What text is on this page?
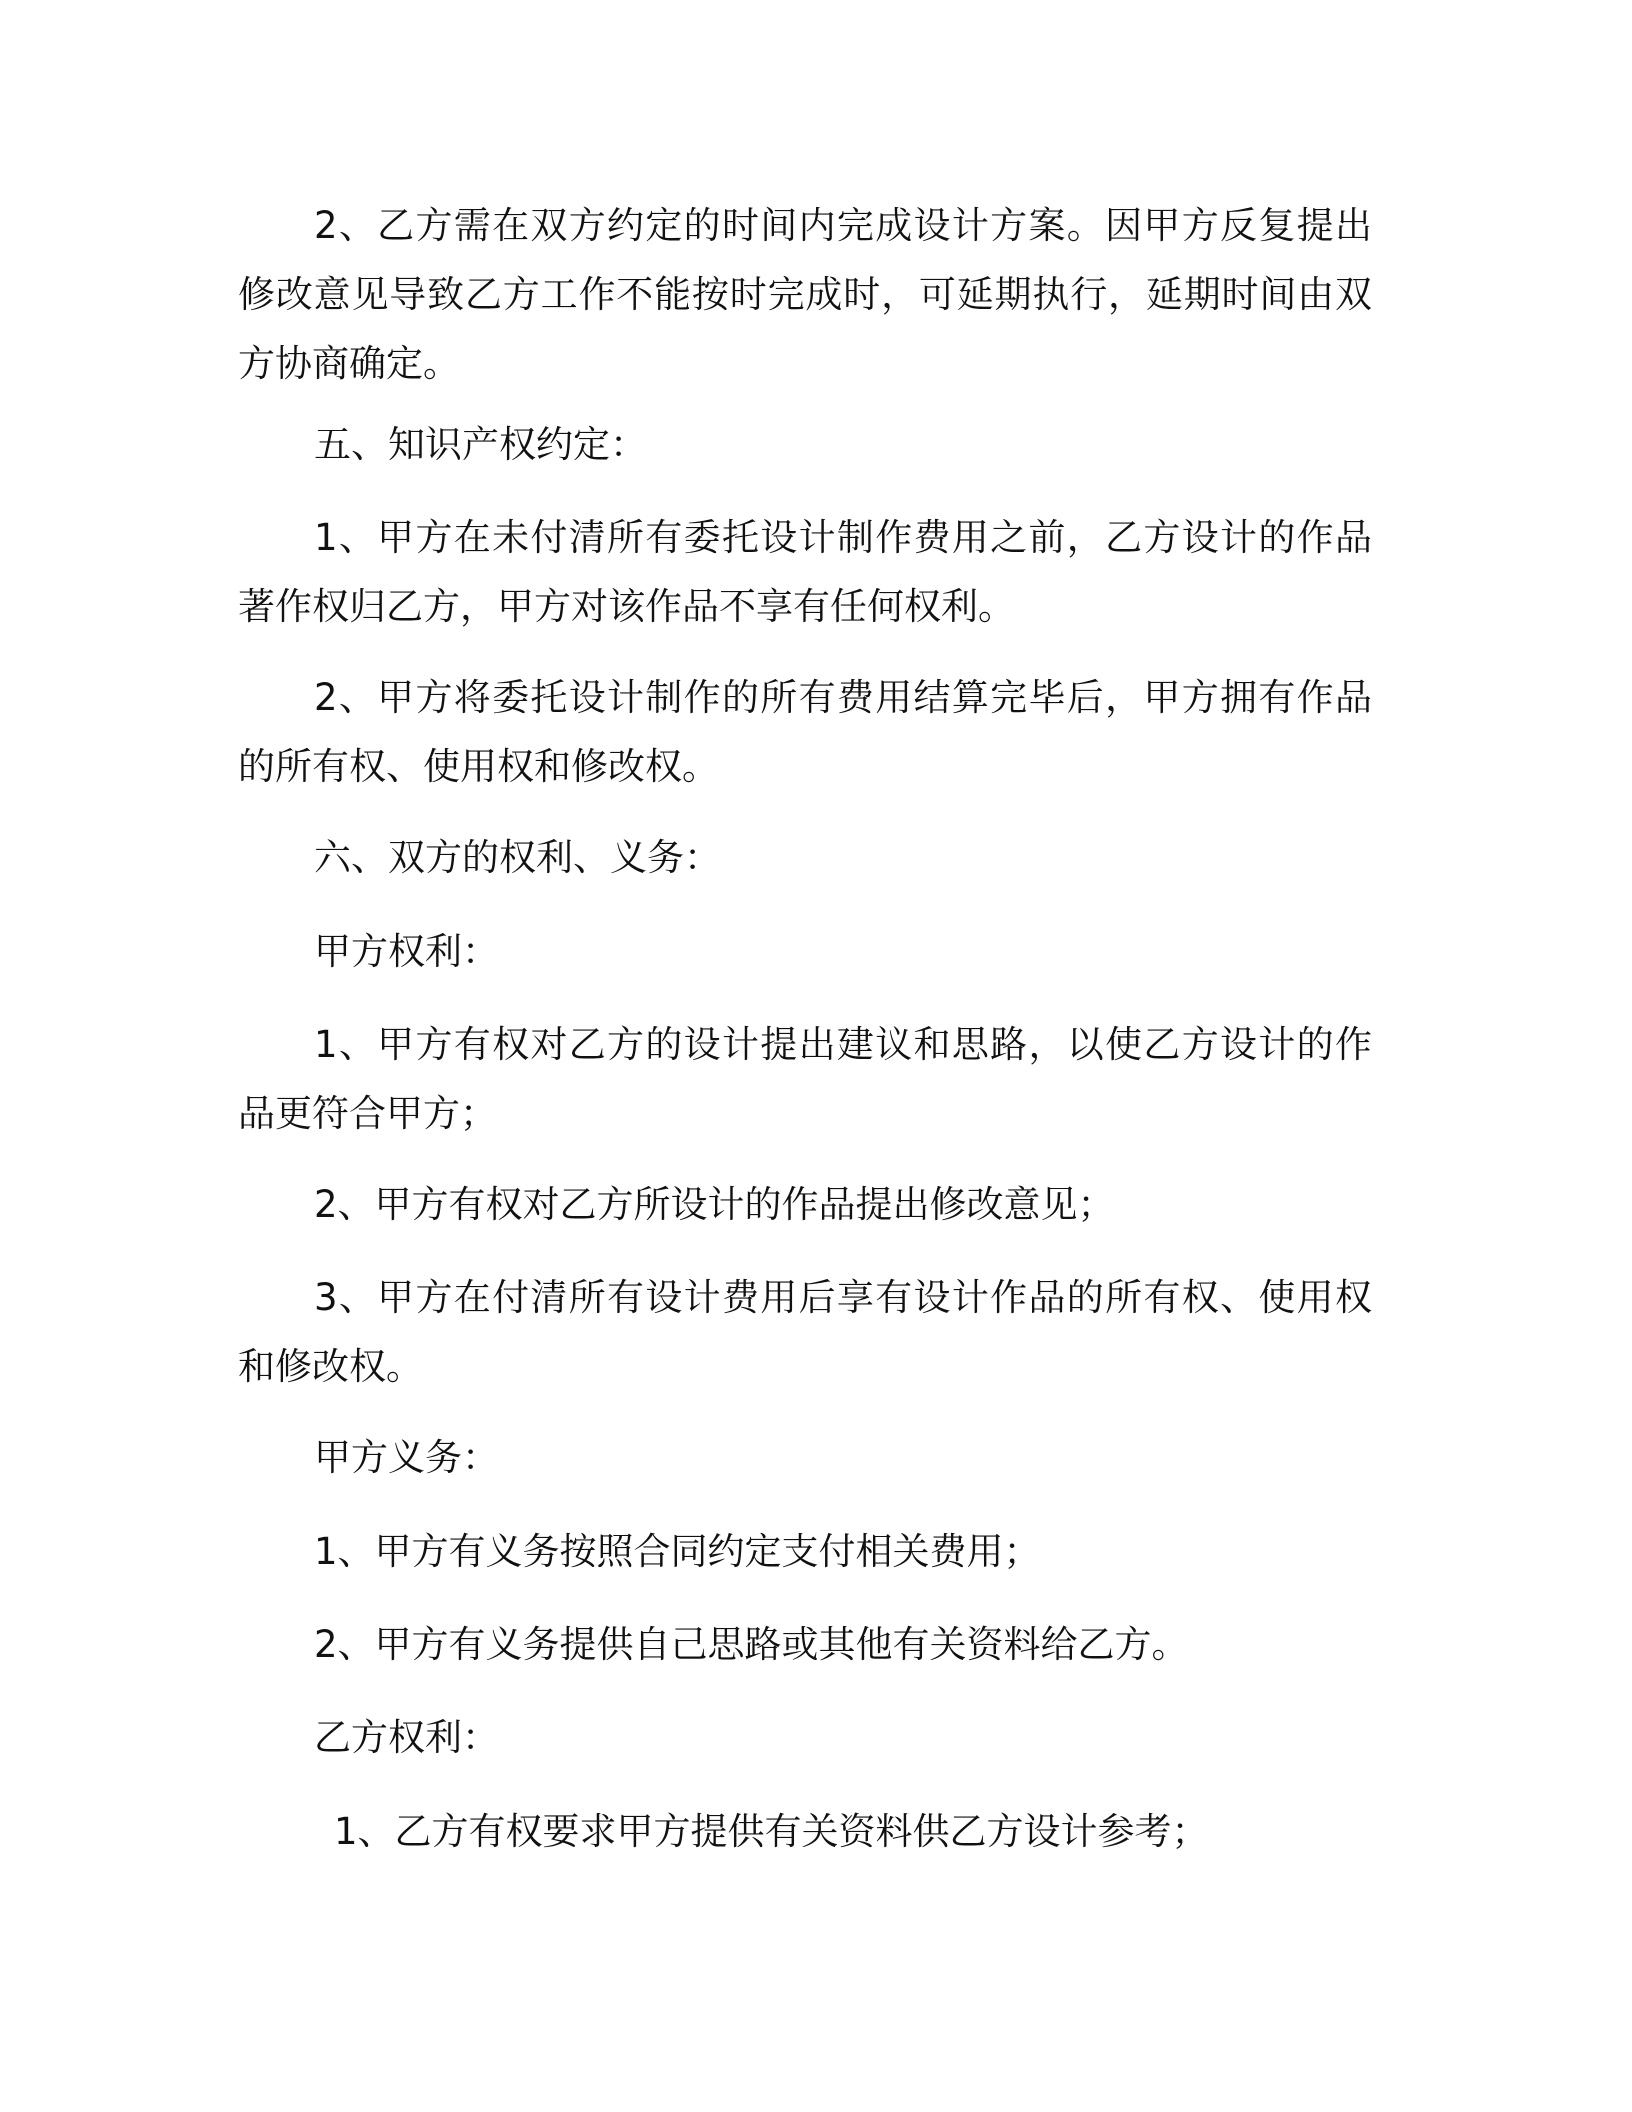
2、乙方需在双方约定的时间内完成设计方案。因甲方反复提出修改意见导致乙方工作不能按时完成时，可延期执行，延期时间由双方协商确定。

五、知识产权约定：

1、甲方在未付清所有委托设计制作费用之前，乙方设计的作品著作权归乙方，甲方对该作品不享有任何权利。

2、甲方将委托设计制作的所有费用结算完毕后，甲方拥有作品的所有权、使用权和修改权。

六、双方的权利、义务：

甲方权利：

1、甲方有权对乙方的设计提出建议和思路，以使乙方设计的作品更符合甲方；

2、甲方有权对乙方所设计的作品提出修改意见；

3、甲方在付清所有设计费用后享有设计作品的所有权、使用权和修改权。

甲方义务：

1、甲方有义务按照合同约定支付相关费用；

2、甲方有义务提供自己思路或其他有关资料给乙方。

乙方权利：

1、乙方有权要求甲方提供有关资料供乙方设计参考；
